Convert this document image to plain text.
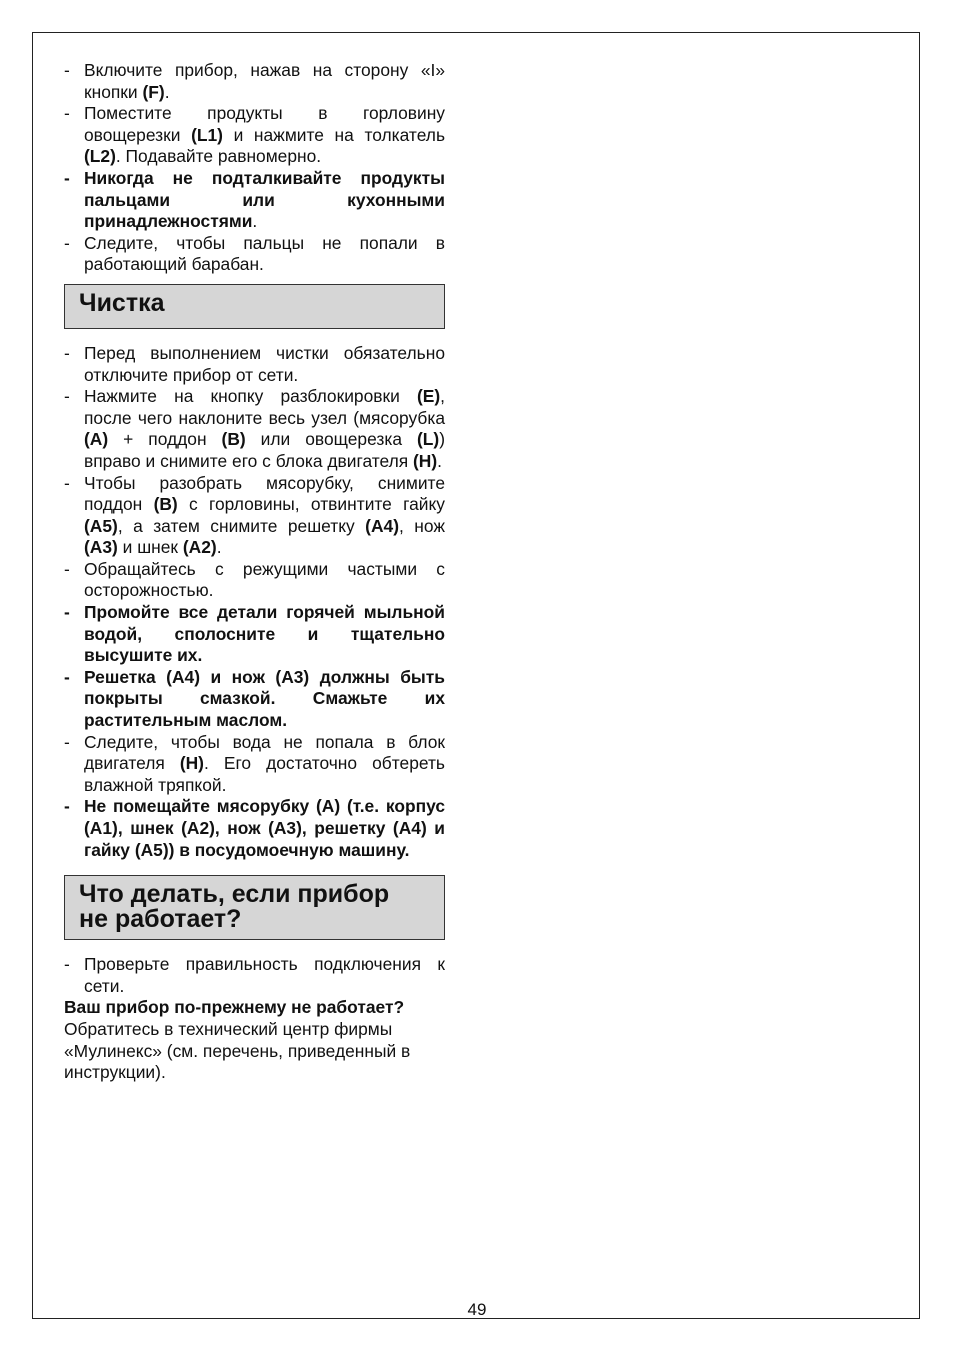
- Включите прибор, нажав на сторону «I» кнопки (F).
- Поместите продукты в горловину овощерезки (L1) и нажмите на толкатель (L2). Подавайте равномерно.
- Никогда не подталкивайте продукты пальцами или кухонными принадлежностями.
- Следите, чтобы пальцы не попали в работающий барабан.
Чистка
- Перед выполнением чистки обязательно отключите прибор от сети.
- Нажмите на кнопку разблокировки (E), после чего наклоните весь узел (мясорубка (A) + поддон (B) или овощерезка (L)) вправо и снимите его с блока двигателя (H).
- Чтобы разобрать мясорубку, снимите поддон (B) с горловины, отвинтите гайку (A5), а затем снимите решетку (A4), нож (A3) и шнек (A2).
- Обращайтесь с режущими частыми с осторожностью.
- Промойте все детали горячей мыльной водой, сполосните и тщательно высушите их.
- Решетка (A4) и нож (A3) должны быть покрыты смазкой. Смажьте их растительным маслом.
- Следите, чтобы вода не попала в блок двигателя (H). Его достаточно обтереть влажной тряпкой.
- Не помещайте мясорубку (A) (т.е. корпус (A1), шнек (A2), нож (A3), решетку (A4) и гайку (A5)) в посудомоечную машину.
Что делать, если прибор
не работает?
- Проверьте правильность подключения к сети.
Ваш прибор по-прежнему не работает?
Обратитесь в технический центр фирмы «Мулинекс» (см. перечень, приведенный в инструкции).
49
